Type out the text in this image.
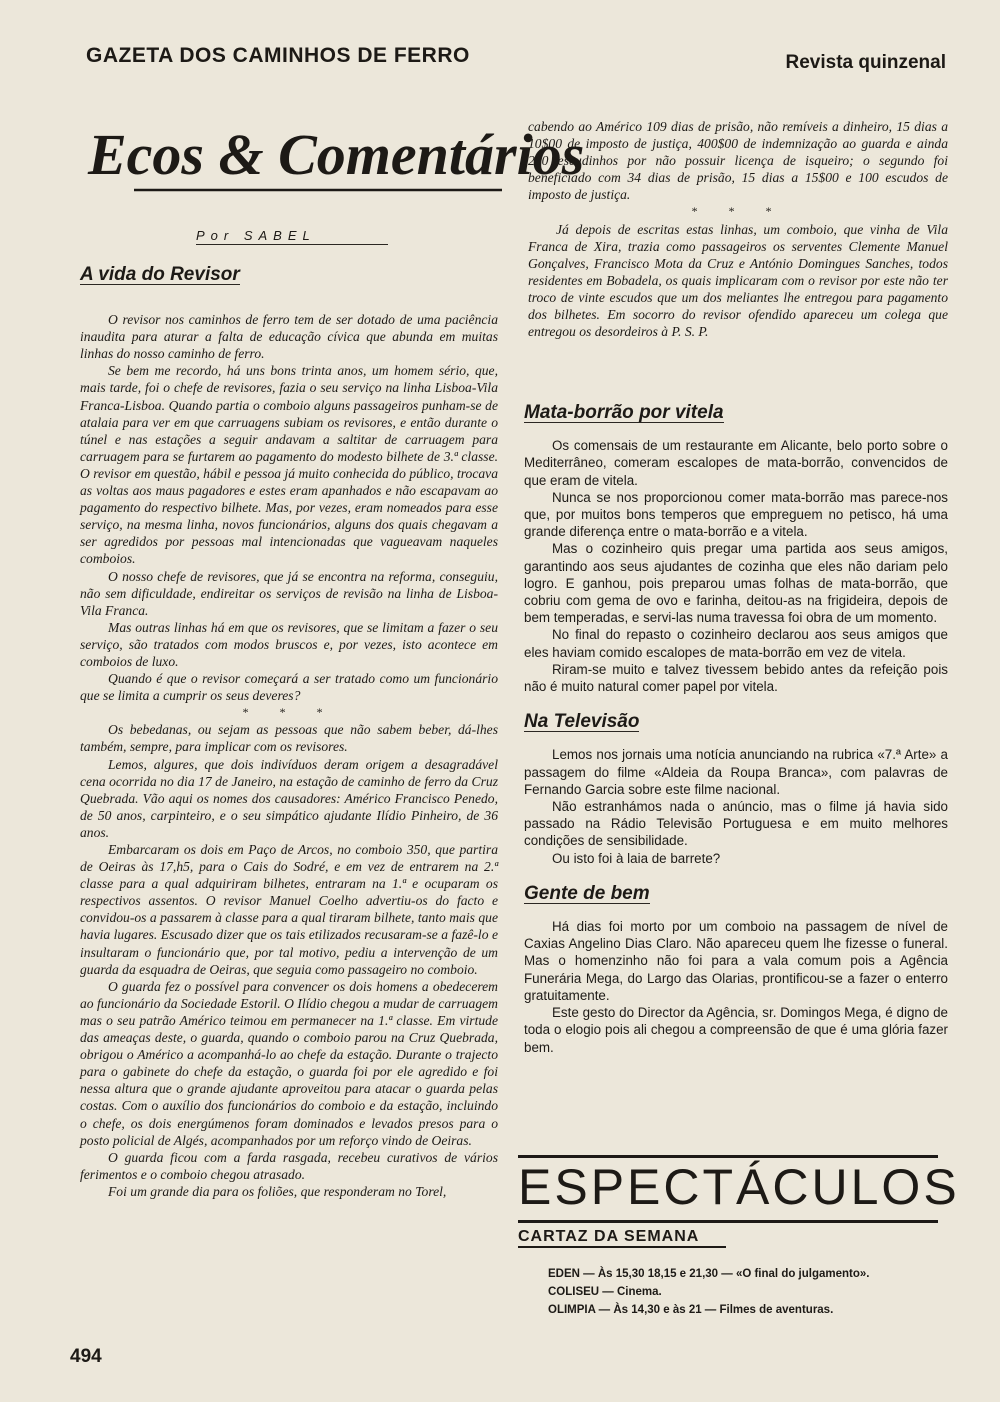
GAZETA DOS CAMINHOS DE FERRO	Revista quinzenal
Ecos & Comentários
Por SABEL
A vida do Revisor

O revisor nos caminhos de ferro tem de ser dotado de uma paciência inaudita para aturar a falta de educação cívica que abunda em muitas linhas do nosso caminho de ferro.

Se bem me recordo, há uns bons trinta anos, um homem sério, que, mais tarde, foi o chefe de revisores, fazia o seu serviço na linha Lisboa-Vila Franca-Lisboa. Quando partia o comboio alguns passageiros punham-se de atalaia para ver em que carruagens subiam os revisores, e então durante o túnel e nas estações a seguir andavam a saltitar de carruagem para carruagem para se furtarem ao pagamento do modesto bilhete de 3.ª classe. O revisor em questão, hábil e pessoa já muito conhecida do público, trocava as voltas aos maus pagadores e estes eram apanhados e não escapavam ao pagamento do respectivo bilhete. Mas, por vezes, eram nomeados para esse serviço, na mesma linha, novos funcionários, alguns dos quais chegavam a ser agredidos por pessoas mal intencionadas que vagueavam naqueles comboios.

O nosso chefe de revisores, que já se encontra na reforma, conseguiu, não sem dificuldade, endireitar os serviços de revisão na linha de Lisboa-Vila Franca.

Mas outras linhas há em que os revisores, que se limitam a fazer o seu serviço, são tratados com modos bruscos e, por vezes, isto acontece em comboios de luxo.

Quando é que o revisor começará a ser tratado como um funcionário que se limita a cumprir os seus deveres?

* * *

Os bebedanas, ou sejam as pessoas que não sabem beber, dá-lhes também, sempre, para implicar com os revisores.

Lemos, algures, que dois indivíduos deram origem a desagradável cena ocorrida no dia 17 de Janeiro, na estação de caminho de ferro da Cruz Quebrada. Vão aqui os nomes dos causadores: Américo Francisco Penedo, de 50 anos, carpinteiro, e o seu simpático ajudante Ilídio Pinheiro, de 36 anos.

Embarcaram os dois em Paço de Arcos, no comboio 350, que partira de Oeiras às 17,h5, para o Cais do Sodré, e em vez de entrarem na 2.ª classe para a qual adquiriram bilhetes, entraram na 1.ª e ocuparam os respectivos assentos. O revisor Manuel Coelho advertiu-os do facto e convidou-os a passarem à classe para a qual tiraram bilhete, tanto mais que havia lugares. Escusado dizer que os tais etilizados recusaram-se a fazê-lo e insultaram o funcionário que, por tal motivo, pediu a intervenção de um guarda da esquadra de Oeiras, que seguia como passageiro no comboio.

O guarda fez o possível para convencer os dois homens a obedecerem ao funcionário da Sociedade Estoril. O Ilídio chegou a mudar de carruagem mas o seu patrão Américo teimou em permanecer na 1.ª classe. Em virtude das ameaças deste, o guarda, quando o comboio parou na Cruz Quebrada, obrigou o Américo a acompanhá-lo ao chefe da estação. Durante o trajecto para o gabinete do chefe da estação, o guarda foi por ele agredido e foi nessa altura que o grande ajudante aproveitou para atacar o guarda pelas costas. Com o auxílio dos funcionários do comboio e da estação, incluindo o chefe, os dois energúmenos foram dominados e levados presos para o posto policial de Algés, acompanhados por um reforço vindo de Oeiras.

O guarda ficou com a farda rasgada, recebeu curativos de vários ferimentos e o comboio chegou atrasado.

Foi um grande dia para os foliões, que responderam no Torel,

cabendo ao Américo 109 dias de prisão, não remíveis a dinheiro, 15 dias a 10$00 de imposto de justiça, 400$00 de indemnização ao guarda e ainda 250 escudinhos por não possuir licença de isqueiro; o segundo foi beneficiado com 34 dias de prisão, 15 dias a 15$00 e 100 escudos de imposto de justiça.

* * *

Já depois de escritas estas linhas, um comboio, que vinha de Vila Franca de Xira, trazia como passageiros os serventes Clemente Manuel Gonçalves, Francisco Mota da Cruz e António Domingues Sanches, todos residentes em Bobadela, os quais implicaram com o revisor por este não ter troco de vinte escudos que um dos meliantes lhe entregou para pagamento dos bilhetes. Em socorro do revisor ofendido apareceu um colega que entregou os desordeiros à P. S. P.

Mata-borrão por vitela

Os comensais de um restaurante em Alicante, belo porto sobre o Mediterrâneo, comeram escalopes de mata-borrão, convencidos de que eram de vitela.

Nunca se nos proporcionou comer mata-borrão mas parece-nos que, por muitos bons temperos que empreguem no petisco, há uma grande diferença entre o mata-borrão e a vitela.

Mas o cozinheiro quis pregar uma partida aos seus amigos, garantindo aos seus ajudantes de cozinha que eles não dariam pelo logro. E ganhou, pois preparou umas folhas de mata-borrão, que cobriu com gema de ovo e farinha, deitou-as na frigideira, depois de bem temperadas, e servi-las numa travessa foi obra de um momento.

No final do repasto o cozinheiro declarou aos seus amigos que eles haviam comido escalopes de mata-borrão em vez de vitela.

Riram-se muito e talvez tivessem bebido antes da refeição pois não é muito natural comer papel por vitela.

Na Televisão

Lemos nos jornais uma notícia anunciando na rubrica «7.ª Arte» a passagem do filme «Aldeia da Roupa Branca», com palavras de Fernando Garcia sobre este filme nacional.

Não estranhámos nada o anúncio, mas o filme já havia sido passado na Rádio Televisão Portuguesa e em muito melhores condições de sensibilidade.

Ou isto foi à laia de barrete?

Gente de bem

Há dias foi morto por um comboio na passagem de nível de Caxias Angelino Dias Claro. Não apareceu quem lhe fizesse o funeral. Mas o homenzinho não foi para a vala comum pois a Agência Funerária Mega, do Largo das Olarias, prontificou-se a fazer o enterro gratuitamente.

Este gesto do Director da Agência, sr. Domingos Mega, é digno de toda o elogio pois ali chegou a compreensão de que é uma glória fazer bem.

ESPECTÁCULOS
CARTAZ DA SEMANA
EDEN — Às 15,30 18,15 e 21,30 — «O final do julgamento».
COLISEU — Cinema.
OLIMPIA — Às 14,30 e às 21 — Filmes de aventuras.
494
